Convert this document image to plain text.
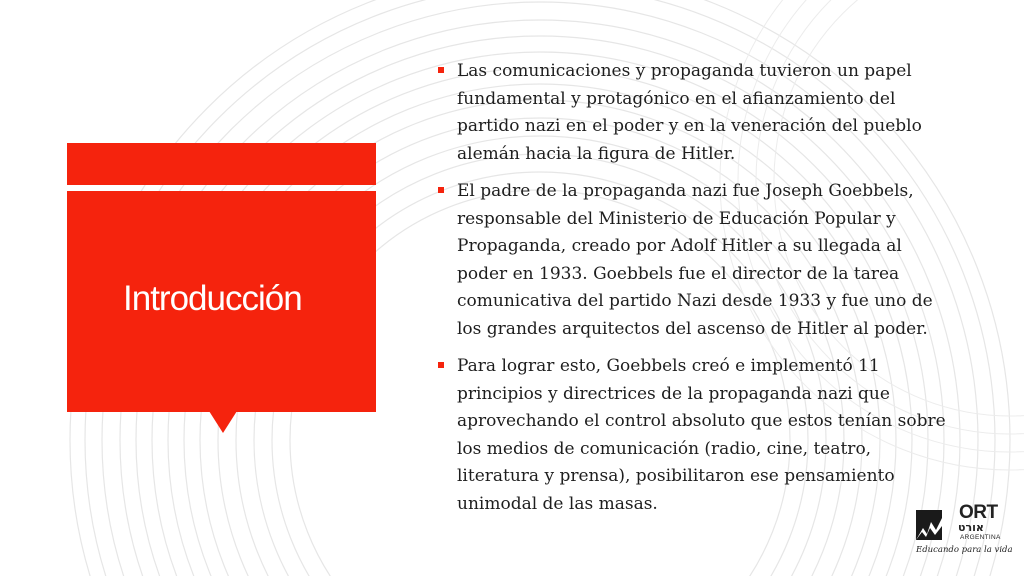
Introducción
Las comunicaciones y propaganda tuvieron un papel fundamental y protagónico en el afianzamiento del partido nazi en el poder y en la veneración del pueblo alemán hacia la figura de Hitler.
El padre de la propaganda nazi fue Joseph Goebbels, responsable del Ministerio de Educación Popular y Propaganda, creado por Adolf Hitler a su llegada al poder en 1933. Goebbels fue el director de la tarea comunicativa del partido Nazi desde 1933 y fue uno de los grandes arquitectos del ascenso de Hitler al poder.
Para lograr esto, Goebbels creó e implementó 11 principios y directrices de la propaganda nazi que aprovechando el control absoluto que estos tenían sobre los medios de comunicación (radio, cine, teatro, literatura y prensa), posibilitaron ese pensamiento unimodal de las masas.	ORT
אורט
ARGENTINA
Educando para la vida
